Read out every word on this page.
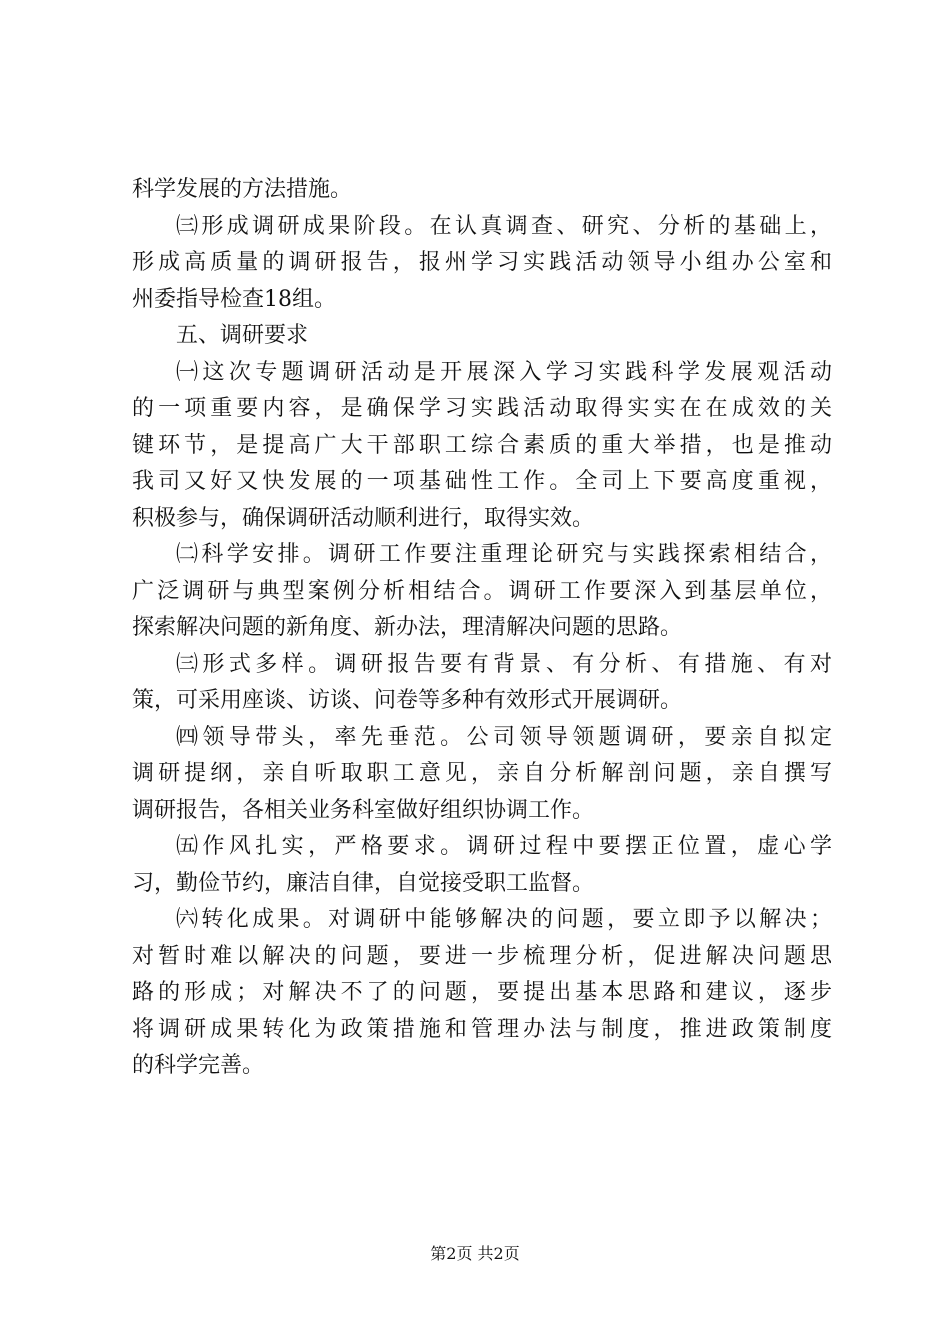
科学发展的方法措施。
㈢形成调研成果阶段。在认真调查、研究、分析的基础上，
形成高质量的调研报告，报州学习实践活动领导小组办公室和
州委指导检查18组。
五、调研要求
㈠这次专题调研活动是开展深入学习实践科学发展观活动
的一项重要内容，是确保学习实践活动取得实实在在成效的关
键环节，是提高广大干部职工综合素质的重大举措，也是推动
我司又好又快发展的一项基础性工作。全司上下要高度重视，
积极参与，确保调研活动顺利进行，取得实效。
㈡科学安排。调研工作要注重理论研究与实践探索相结合，
广泛调研与典型案例分析相结合。调研工作要深入到基层单位，
探索解决问题的新角度、新办法，理清解决问题的思路。
㈢形式多样。调研报告要有背景、有分析、有措施、有对
策，可采用座谈、访谈、问卷等多种有效形式开展调研。
㈣领导带头，率先垂范。公司领导领题调研，要亲自拟定
调研提纲，亲自听取职工意见，亲自分析解剖问题，亲自撰写
调研报告，各相关业务科室做好组织协调工作。
㈤作风扎实，严格要求。调研过程中要摆正位置，虚心学
习，勤俭节约，廉洁自律，自觉接受职工监督。
㈥转化成果。对调研中能够解决的问题，要立即予以解决；
对暂时难以解决的问题，要进一步梳理分析，促进解决问题思
路的形成；对解决不了的问题，要提出基本思路和建议，逐步
将调研成果转化为政策措施和管理办法与制度，推进政策制度
的科学完善。
第2页 共2页
